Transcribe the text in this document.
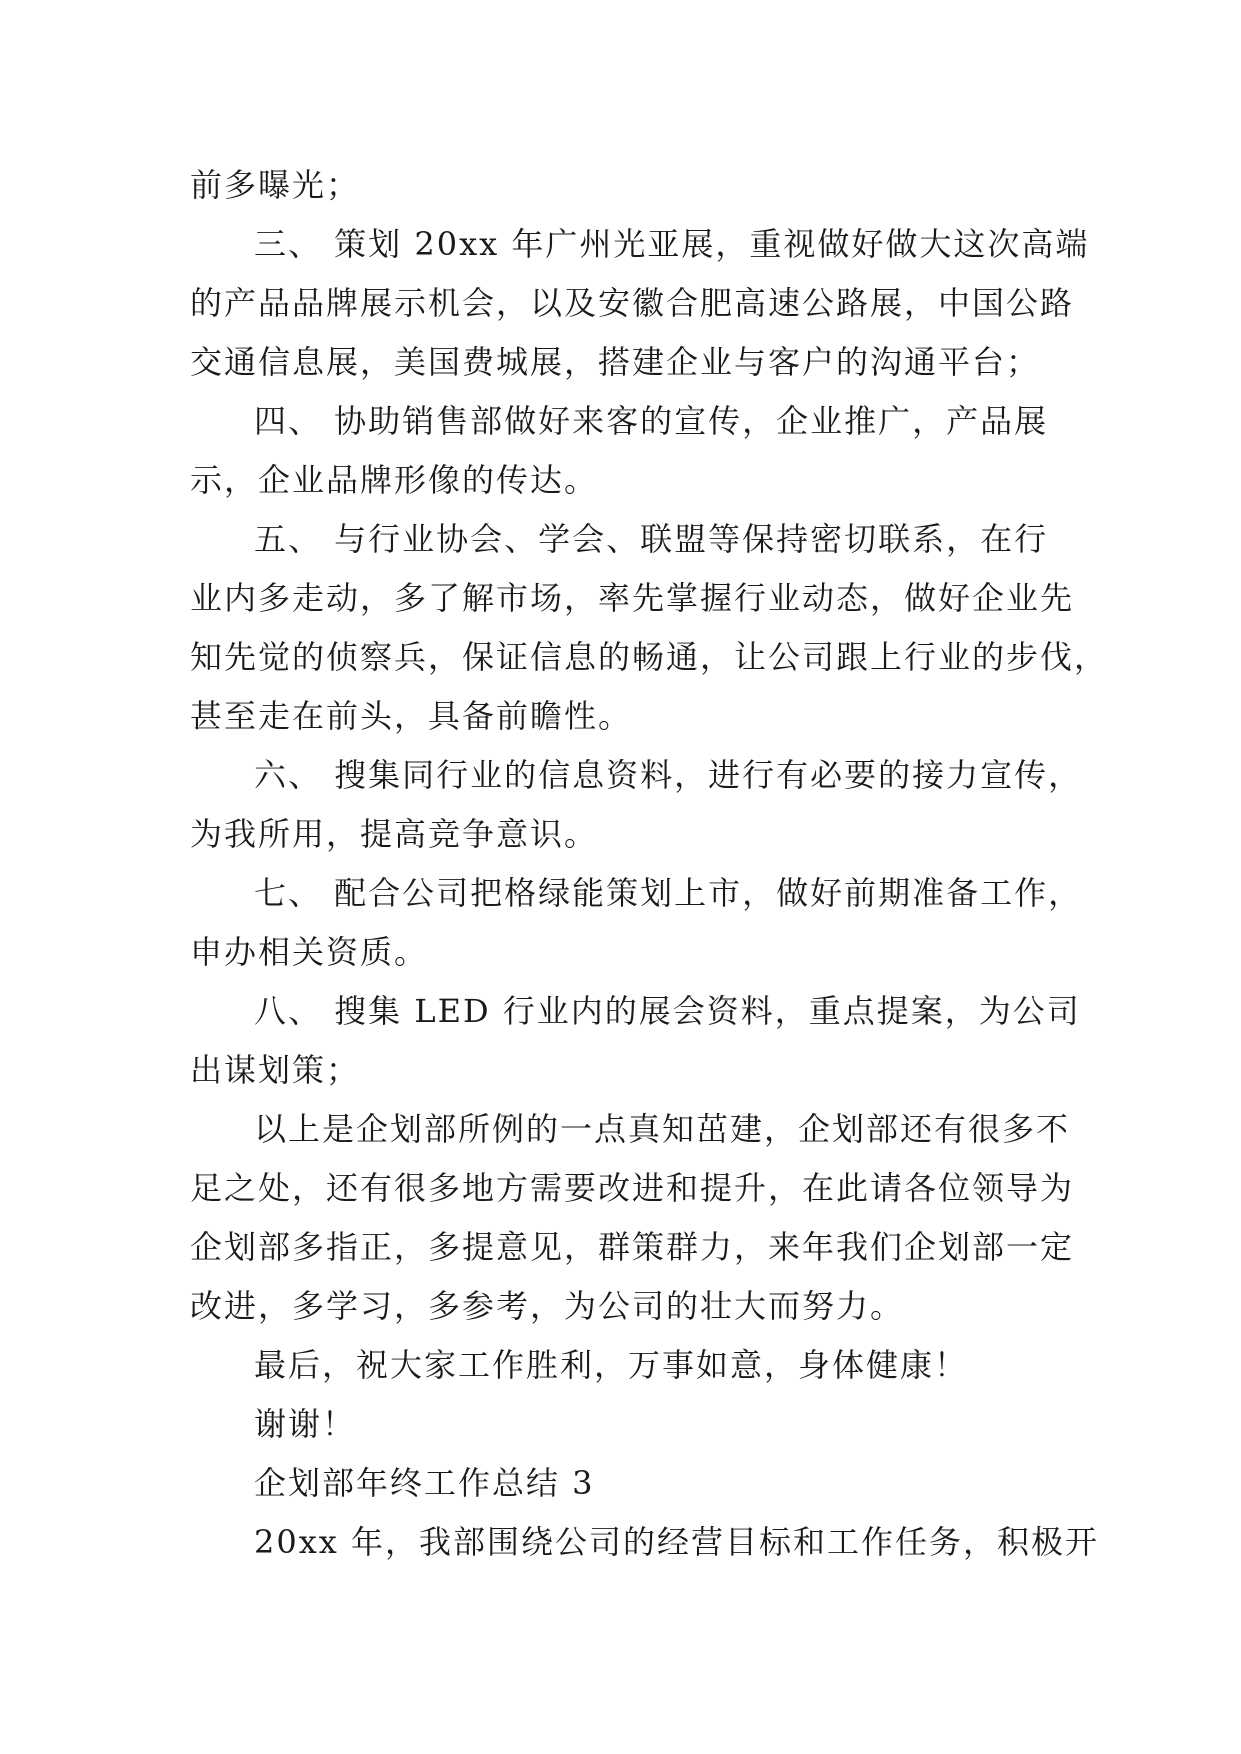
前多曝光；
三、 策划 20xx 年广州光亚展，重视做好做大这次高端
的产品品牌展示机会，以及安徽合肥高速公路展，中国公路
交通信息展，美国费城展，搭建企业与客户的沟通平台；
四、 协助销售部做好来客的宣传，企业推广，产品展
示，企业品牌形像的传达。
五、 与行业协会、学会、联盟等保持密切联系，在行
业内多走动，多了解市场，率先掌握行业动态，做好企业先
知先觉的侦察兵，保证信息的畅通，让公司跟上行业的步伐，
甚至走在前头，具备前瞻性。
六、 搜集同行业的信息资料，进行有必要的接力宣传，
为我所用，提高竞争意识。
七、 配合公司把格绿能策划上市，做好前期准备工作，
申办相关资质。
八、 搜集 LED 行业内的展会资料，重点提案，为公司
出谋划策；
以上是企划部所例的一点真知茁建，企划部还有很多不
足之处，还有很多地方需要改进和提升，在此请各位领导为
企划部多指正，多提意见，群策群力，来年我们企划部一定
改进，多学习，多参考，为公司的壮大而努力。
最后，祝大家工作胜利，万事如意，身体健康！
谢谢！
企划部年终工作总结 3
20xx 年，我部围绕公司的经营目标和工作任务，积极开
